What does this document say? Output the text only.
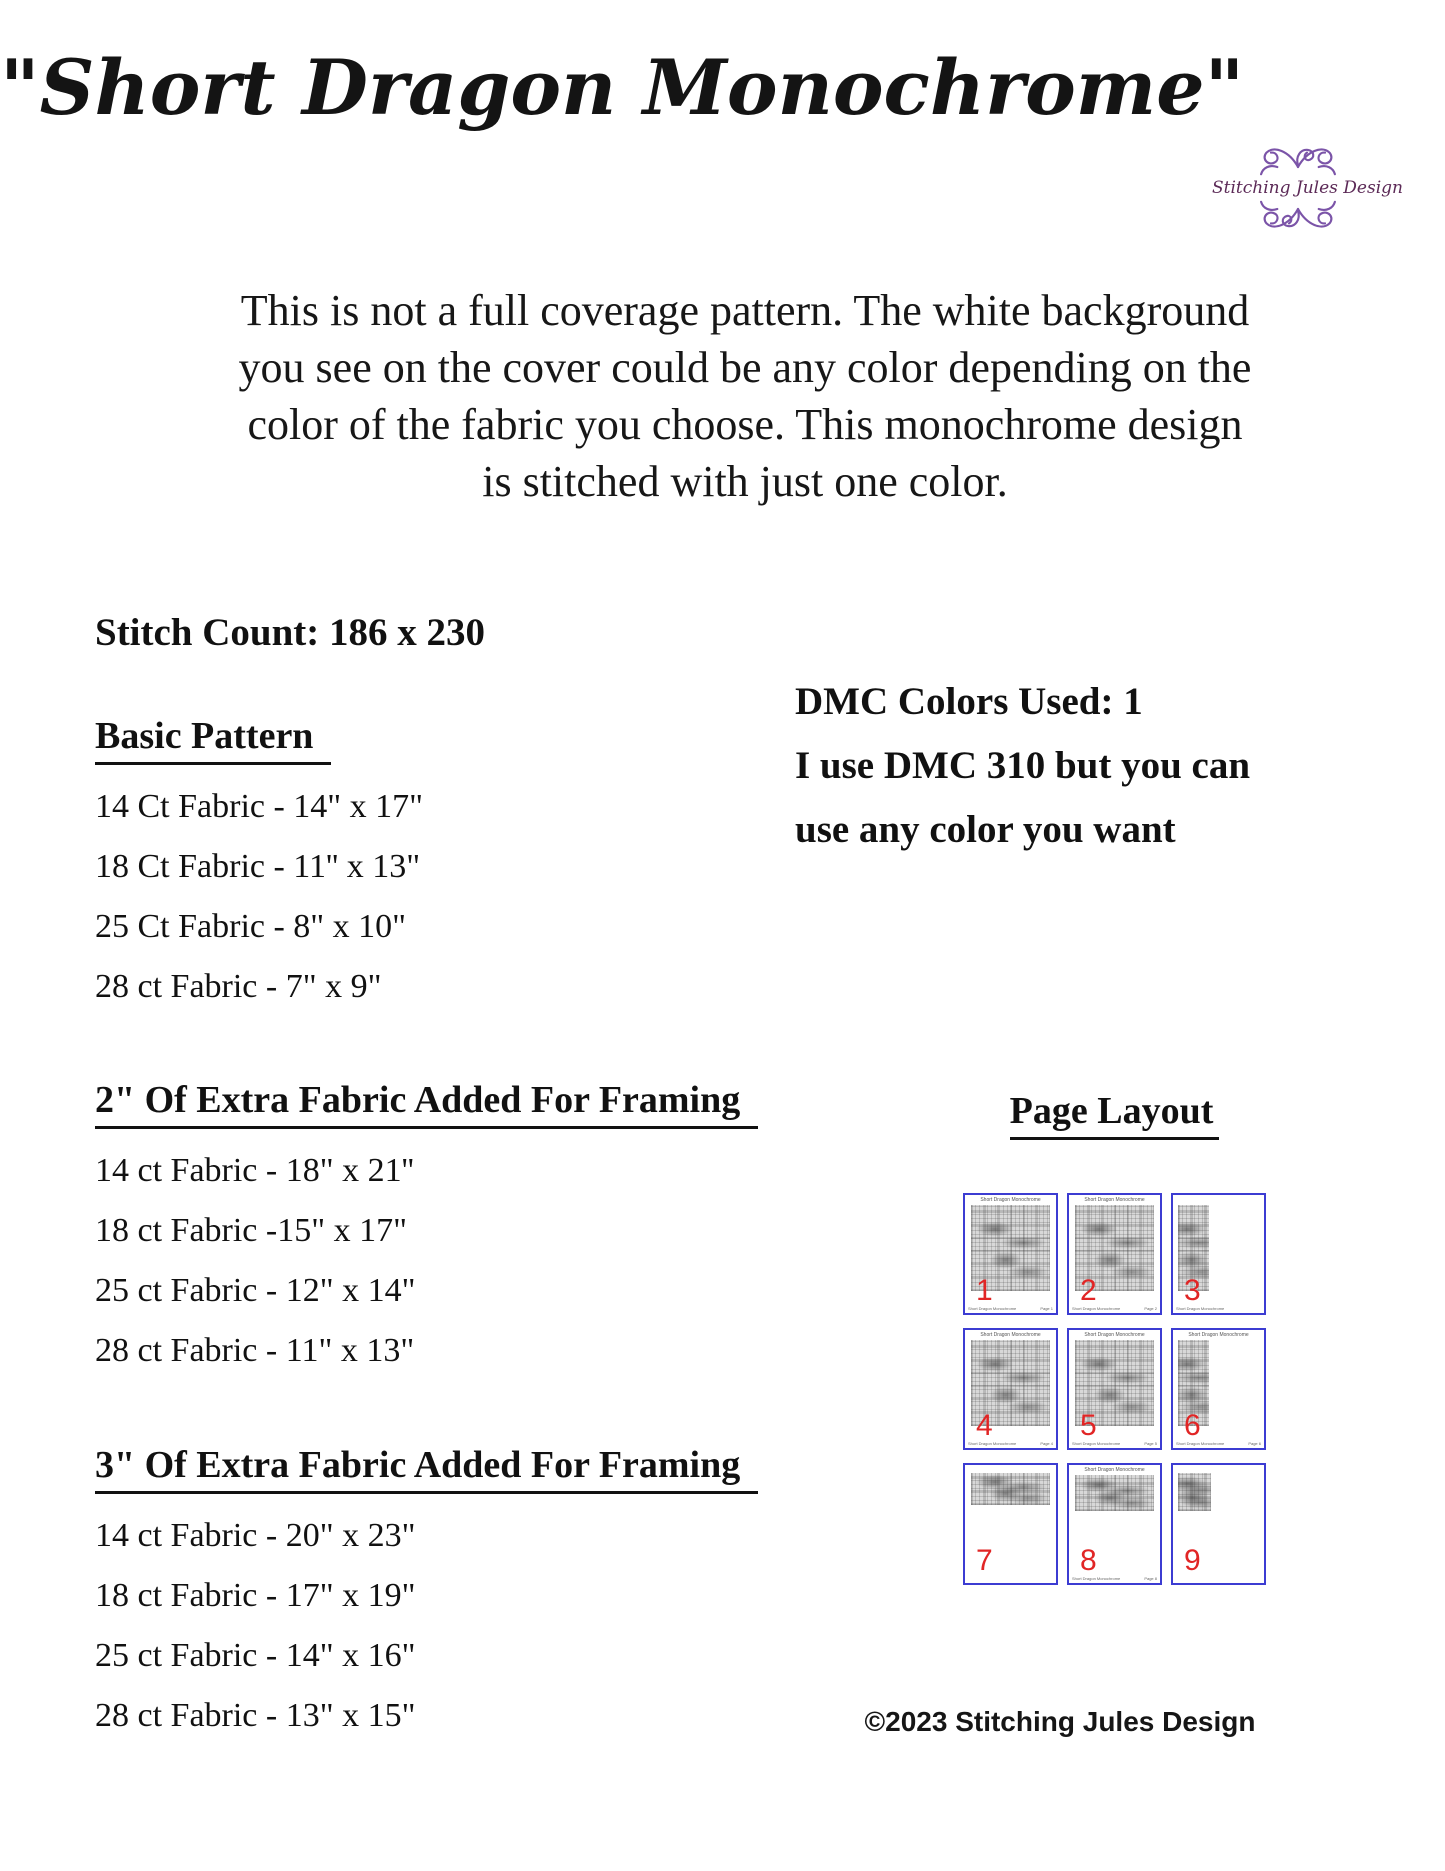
"Short Dragon Monochrome"
Stitching Jules Design
This is not a full coverage pattern. The white background
you see on the cover could be any color depending on the
color of the fabric you choose. This monochrome design
is stitched with just one color.
Stitch Count: 186 x 230
Basic Pattern
14 Ct Fabric - 14" x 17"
18 Ct Fabric - 11'' x 13"
25 Ct Fabric - 8" x 10"
28 ct Fabric - 7" x 9"
DMC Colors Used: 1
I use DMC 310 but you can
use any color you want
2" Of Extra Fabric Added For Framing
14 ct Fabric - 18" x 21''
18 ct Fabric -15" x 17"
25 ct Fabric - 12" x 14"
28 ct Fabric - 11" x 13"
3" Of Extra Fabric Added For Framing
14 ct Fabric - 20" x 23"
18 ct Fabric - 17" x 19"
25 ct Fabric - 14" x 16"
28 ct Fabric - 13" x 15"
Page Layout
Short Dragon Monochrome
1
Short Dragon Monochrome	Page 1
Short Dragon Monochrome
2
Short Dragon Monochrome	Page 2
3
Short Dragon Monochrome
Short Dragon Monochrome
4
Short Dragon Monochrome	Page 4
Short Dragon Monochrome
5
Short Dragon Monochrome	Page 5
Short Dragon Monochrome
6
Short Dragon Monochrome	Page 6
7
Short Dragon Monochrome
8
Short Dragon Monochrome	Page 8
9
©2023 Stitching Jules Design
